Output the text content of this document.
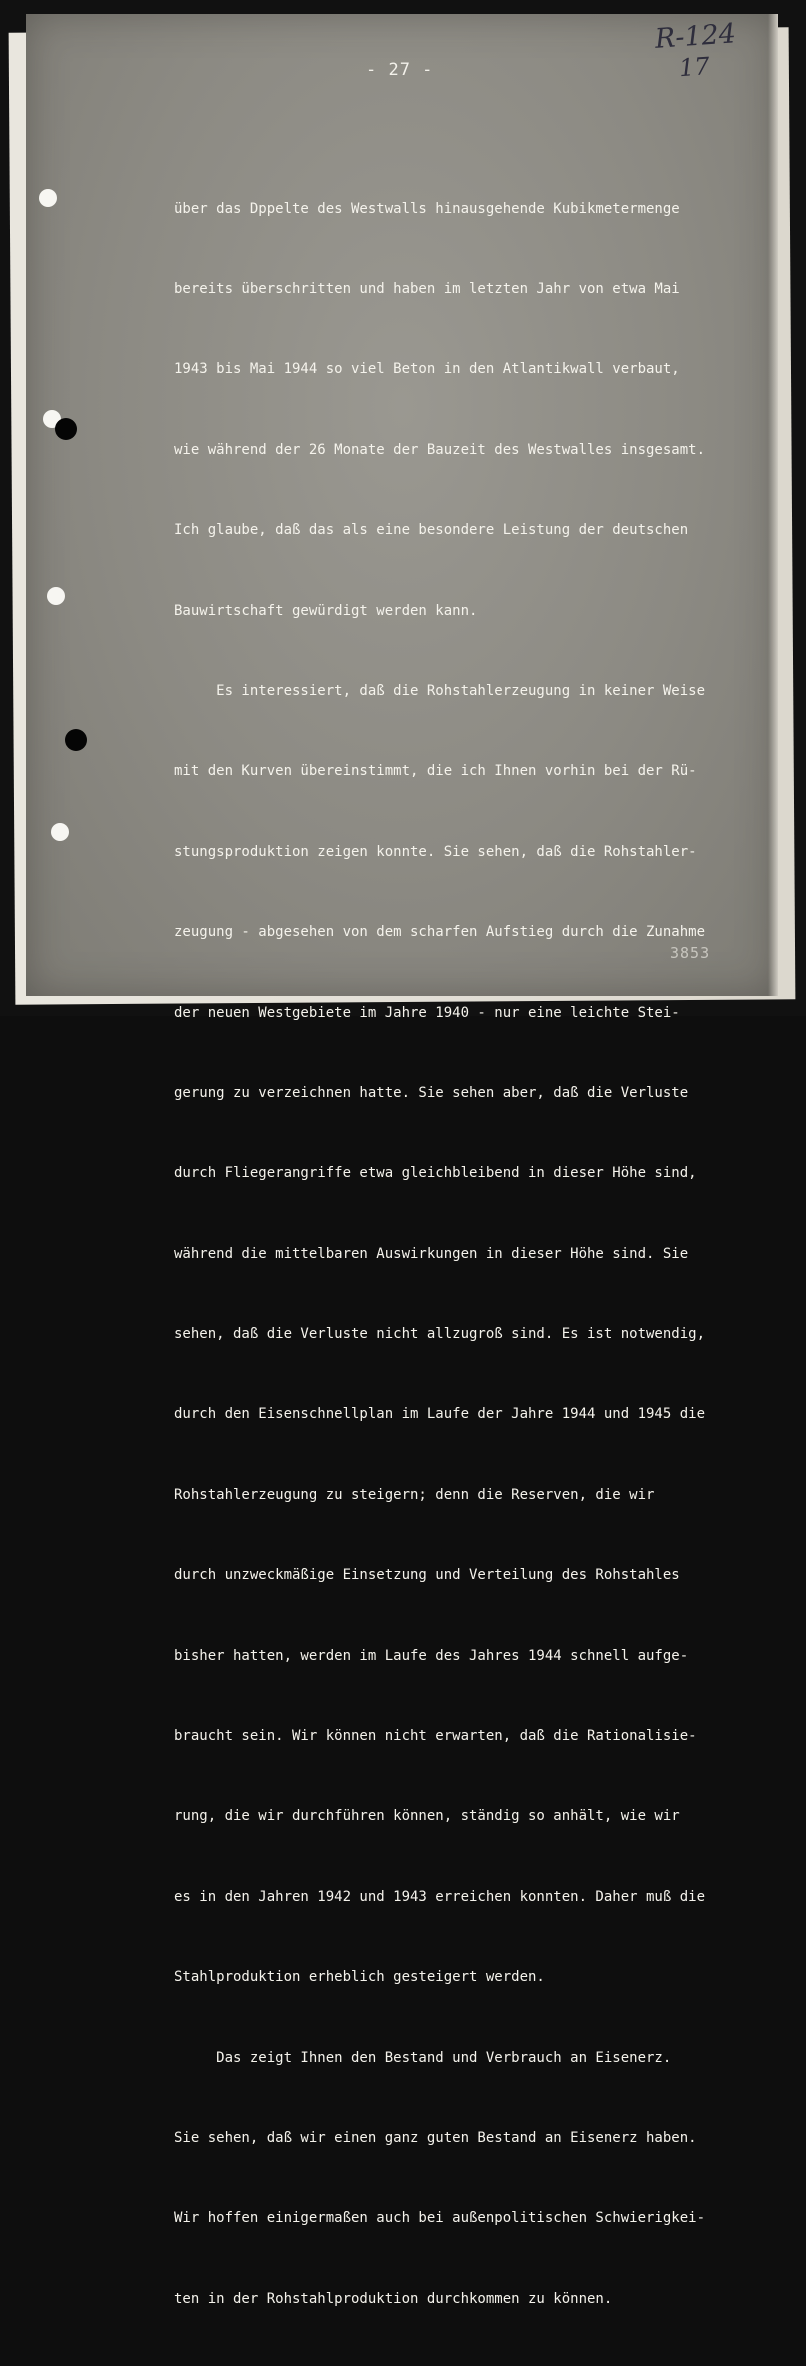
- 27 -
R-124
17

über das Dppelte des Westwalls hinausgehende Kubikmetermenge

bereits überschritten und haben im letzten Jahr von etwa Mai

1943 bis Mai 1944 so viel Beton in den Atlantikwall verbaut,

wie während der 26 Monate der Bauzeit des Westwalles insgesamt.

Ich glaube, daß das als eine besondere Leistung der deutschen

Bauwirtschaft gewürdigt werden kann.

Es interessiert, daß die Rohstahlerzeugung in keiner Weise

mit den Kurven übereinstimmt, die ich Ihnen vorhin bei der Rü-

stungsproduktion zeigen konnte. Sie sehen, daß die Rohstahler-

zeugung - abgesehen von dem scharfen Aufstieg durch die Zunahme

der neuen Westgebiete im Jahre 1940 - nur eine leichte Stei-

gerung zu verzeichnen hatte. Sie sehen aber, daß die Verluste

durch Fliegerangriffe etwa gleichbleibend in dieser Höhe sind,

während die mittelbaren Auswirkungen in dieser Höhe sind. Sie

sehen, daß die Verluste nicht allzugroß sind. Es ist notwendig,

durch den Eisenschnellplan im Laufe der Jahre 1944 und 1945 die

Rohstahlerzeugung zu steigern; denn die Reserven, die wir

durch unzweckmäßige Einsetzung und Verteilung des Rohstahles

bisher hatten, werden im Laufe des Jahres 1944 schnell aufge-

braucht sein. Wir können nicht erwarten, daß die Rationalisie-

rung, die wir durchführen können, ständig so anhält, wie wir

es in den Jahren 1942 und 1943 erreichen konnten. Daher muß die

Stahlproduktion erheblich gesteigert werden.

Das zeigt Ihnen den Bestand und Verbrauch an Eisenerz.

Sie sehen, daß wir einen ganz guten Bestand an Eisenerz haben.

Wir hoffen einigermaßen auch bei außenpolitischen Schwierigkei-

ten in der Rohstahlproduktion durchkommen zu können.

3853
